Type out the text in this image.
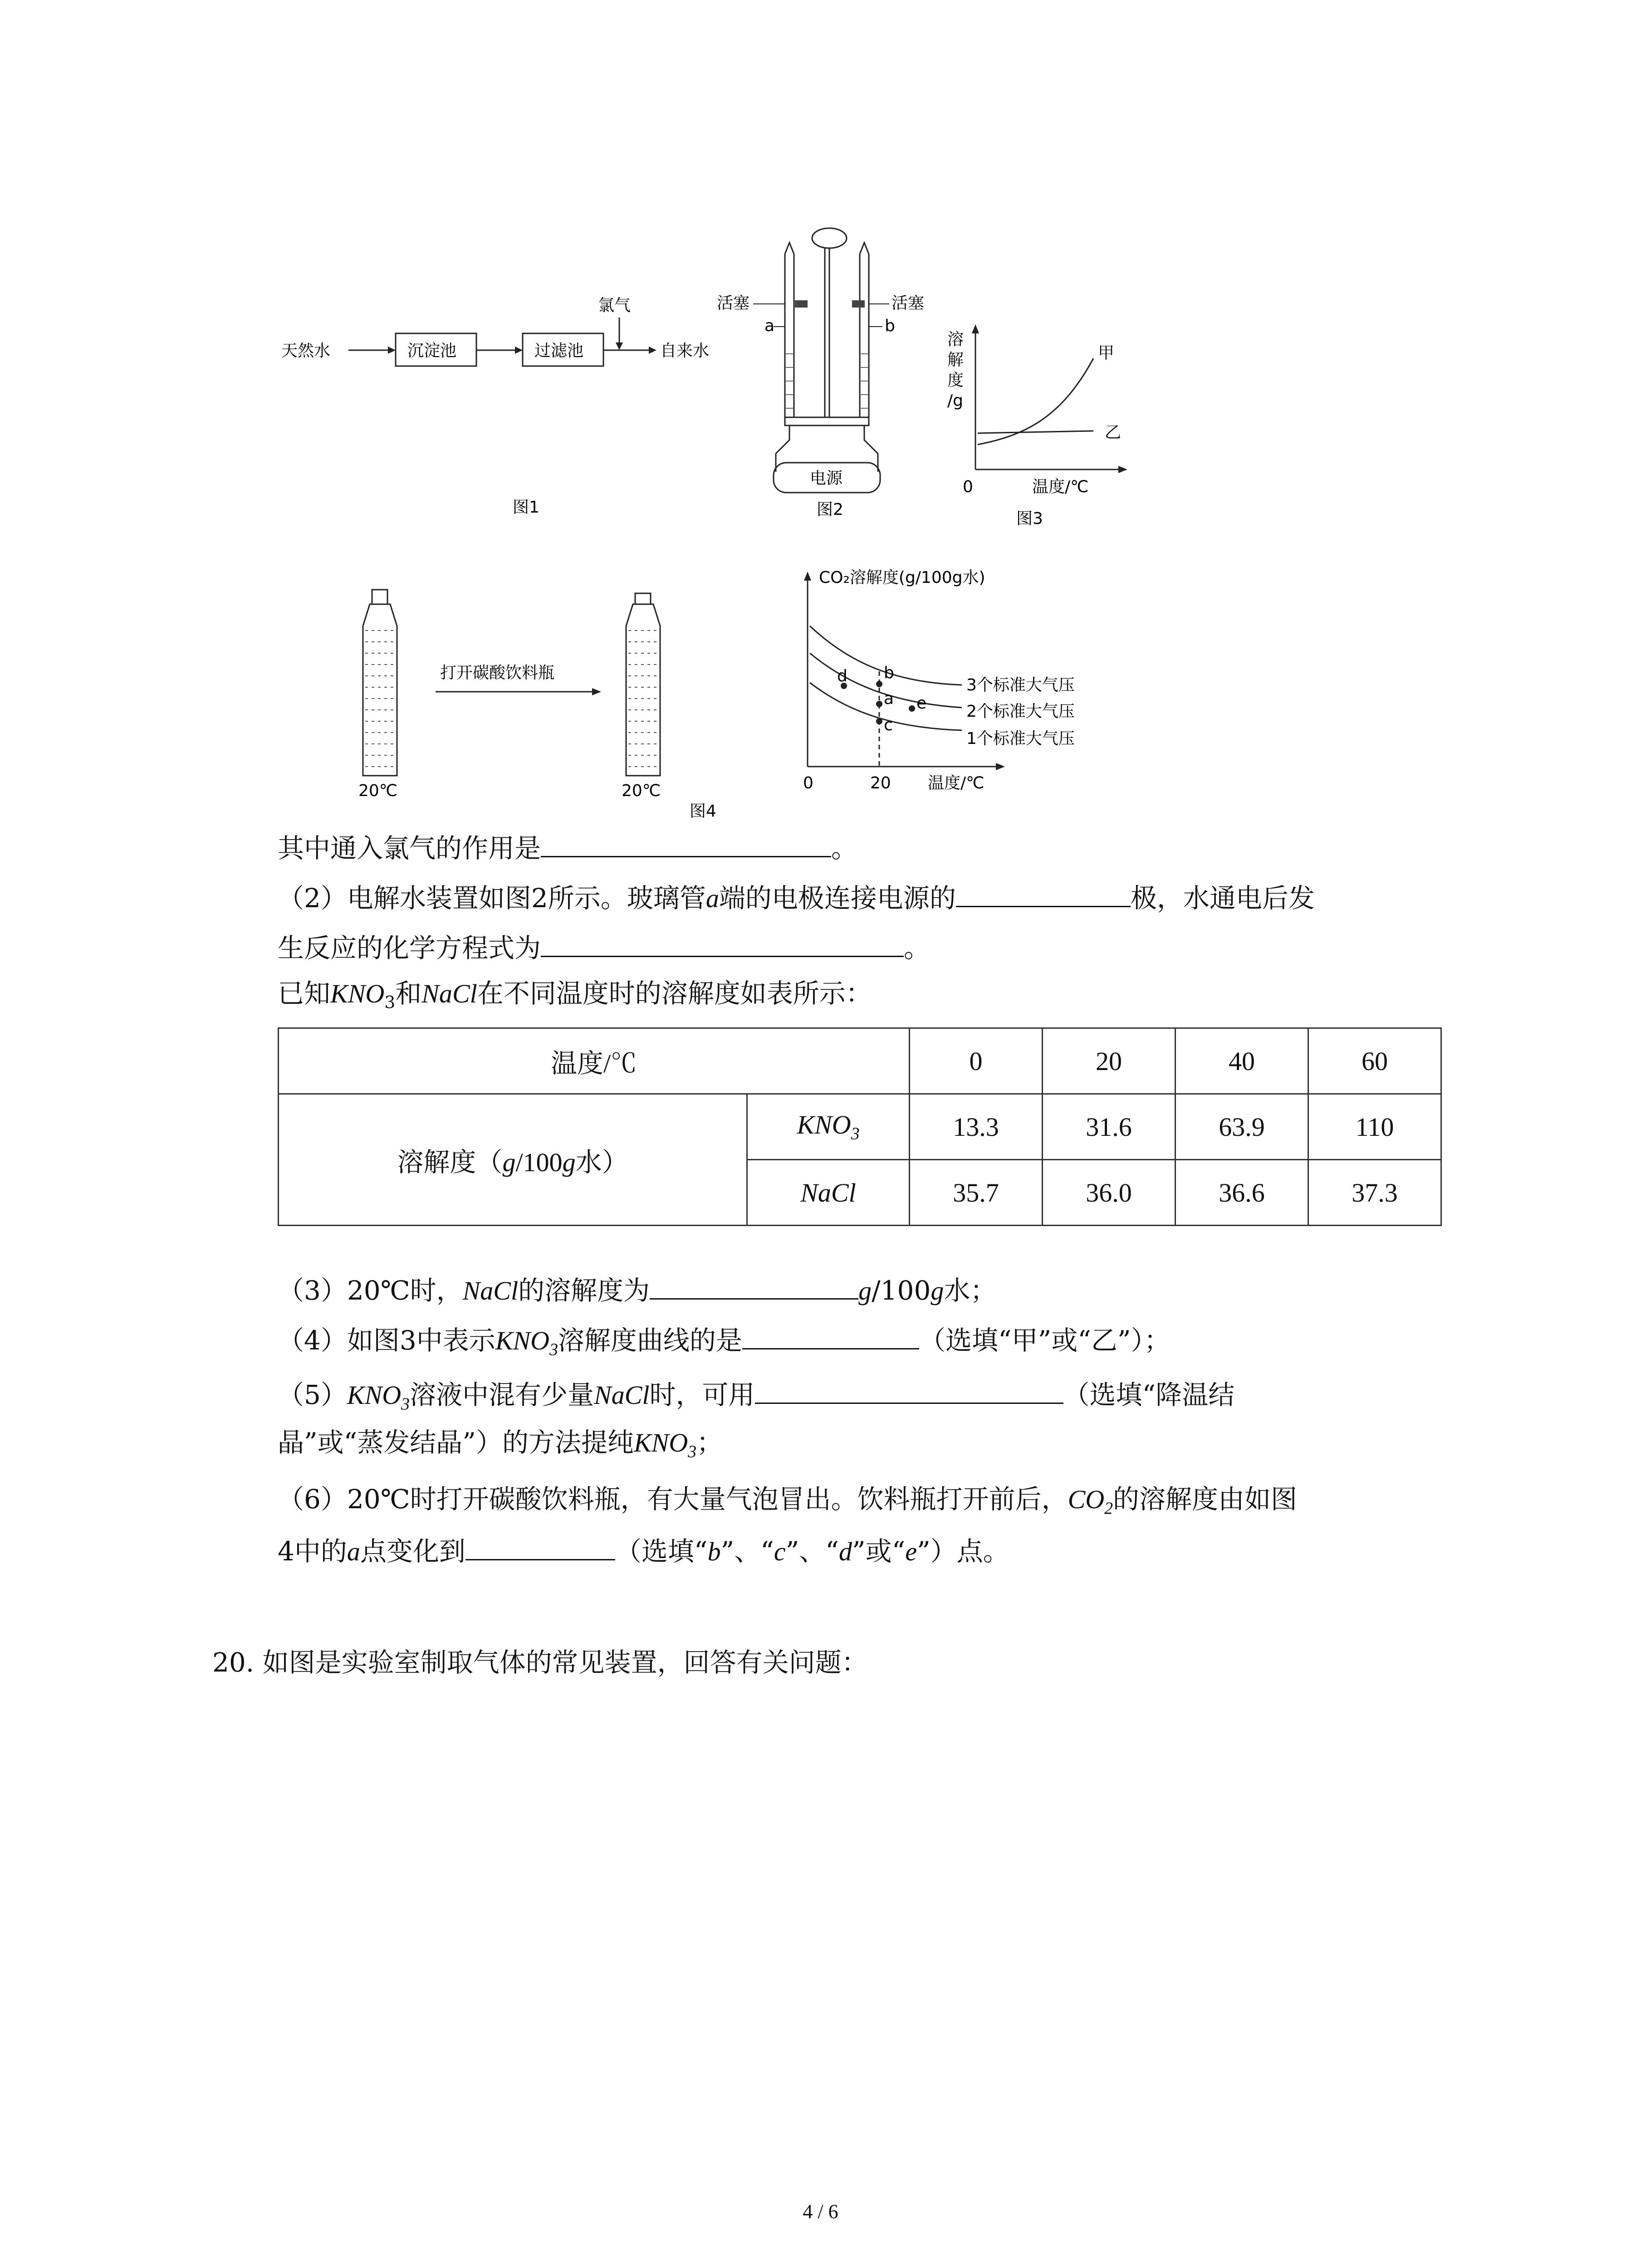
天然水	沉淀池	过滤池
氯气
自来水
图1
电源
活塞	活塞
a	b
图2
溶
解
度
/g
甲
乙
0	温度/℃
图3
20℃
打开碳酸饮料瓶
20℃
CO₂溶解度(g/100g水)
b
a
c
d
e
3个标准大气压
2个标准大气压
1个标准大气压
0	20 温度/℃
图4
其中通入氯气的作用是	。
（2）电解水装置如图2所示。玻璃管a端的电极连接电源的	极，水通电后发
生反应的化学方程式为	。
已知$KNO_3$和NaCl在不同温度时的溶解度如表所示：
温度/℃		0	20	40	60
溶解度（g/100g水）	$KNO_3$	13.3	31.6	63.9	110
	NaCl	35.7	36.0	36.6	37.3
（3）20℃时，NaCl的溶解度为	g/100g水；
（4）如图3中表示$KNO_3$溶解度曲线的是	（选填“甲”或“乙”）；
$(5)KNO_3$溶液中混有少量NaCl时，可用	（选填“降温结
晶”或“蒸发结晶”）的方法提纯$KNO_3$；
（6）20℃时打开碳酸饮料瓶，有大量气泡冒出。饮料瓶打开前后，$CO_2$的溶解度由如图
4中的a点变化到	（选填“b”、“c”、“d”或“e”）点。
20. 如图是实验室制取气体的常见装置，回答有关问题：
4 / 6
